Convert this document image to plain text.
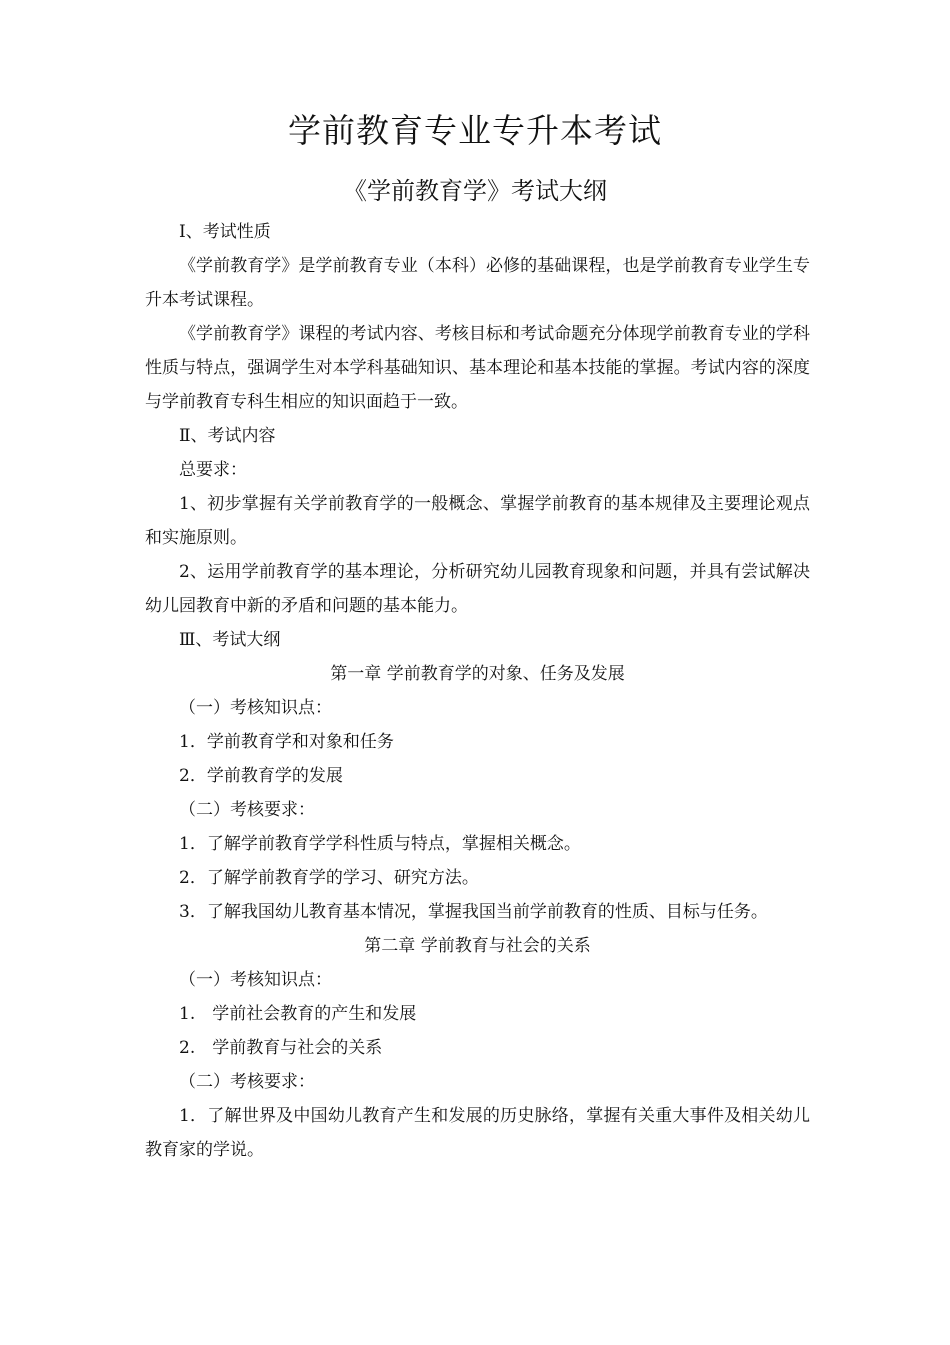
学前教育专业专升本考试
《学前教育学》考试大纲

Ⅰ、考试性质

《学前教育学》是学前教育专业（本科）必修的基础课程，也是学前教育专业学生专升本考试课程。

《学前教育学》课程的考试内容、考核目标和考试命题充分体现学前教育专业的学科性质与特点，强调学生对本学科基础知识、基本理论和基本技能的掌握。考试内容的深度与学前教育专科生相应的知识面趋于一致。

Ⅱ、考试内容

总要求：

1、初步掌握有关学前教育学的一般概念、掌握学前教育的基本规律及主要理论观点和实施原则。

2、运用学前教育学的基本理论，分析研究幼儿园教育现象和问题，并具有尝试解决幼儿园教育中新的矛盾和问题的基本能力。

Ⅲ、考试大纲

第一章 学前教育学的对象、任务及发展

（一）考核知识点：

1．学前教育学和对象和任务

2．学前教育学的发展

（二）考核要求：

1．了解学前教育学学科性质与特点，掌握相关概念。

2．了解学前教育学的学习、研究方法。

3．了解我国幼儿教育基本情况，掌握我国当前学前教育的性质、目标与任务。

第二章 学前教育与社会的关系

（一）考核知识点：

1.　学前社会教育的产生和发展

2.　学前教育与社会的关系

（二）考核要求：

1．了解世界及中国幼儿教育产生和发展的历史脉络，掌握有关重大事件及相关幼儿教育家的学说。
